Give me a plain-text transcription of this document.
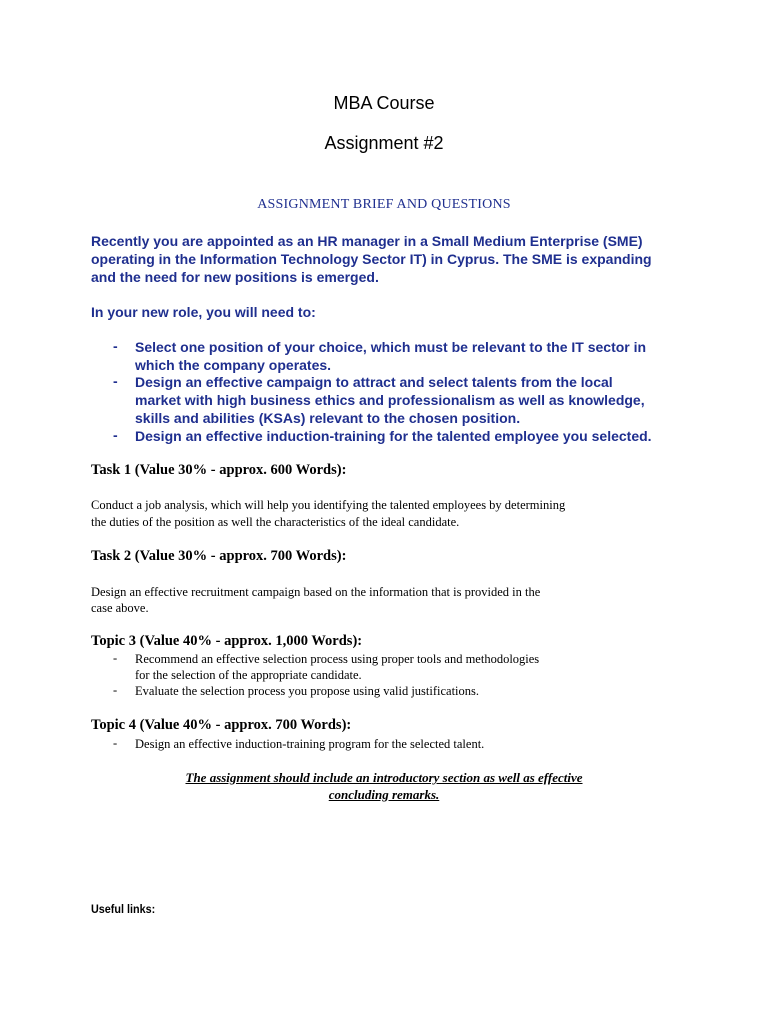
MBA Course
Assignment #2
ASSIGNMENT BRIEF AND QUESTIONS
Recently you are appointed as an HR manager in a Small Medium Enterprise (SME)
operating in the Information Technology Sector IT) in Cyprus. The SME is expanding
and the need for new positions is emerged.
In your new role, you will need to:
- Select one position of your choice, which must be relevant to the IT sector in
which the company operates.
- Design an effective campaign to attract and select talents from the local
market with high business ethics and professionalism as well as knowledge,
skills and abilities (KSAs) relevant to the chosen position.
- Design an effective induction-training for the talented employee you selected.
Task 1 (Value 30% - approx. 600 Words):
Conduct a job analysis, which will help you identifying the talented employees by determining
the duties of the position as well the characteristics of the ideal candidate.
Task 2 (Value 30% - approx. 700 Words):
Design an effective recruitment campaign based on the information that is provided in the
case above.
Topic 3 (Value 40% - approx. 1,000 Words):
- Recommend an effective selection process using proper tools and methodologies
for the selection of the appropriate candidate.
- Evaluate the selection process you propose using valid justifications.
Topic 4 (Value 40% - approx. 700 Words):
- Design an effective induction-training program for the selected talent.
The assignment should include an introductory section as well as effective
concluding remarks.
Useful links:
